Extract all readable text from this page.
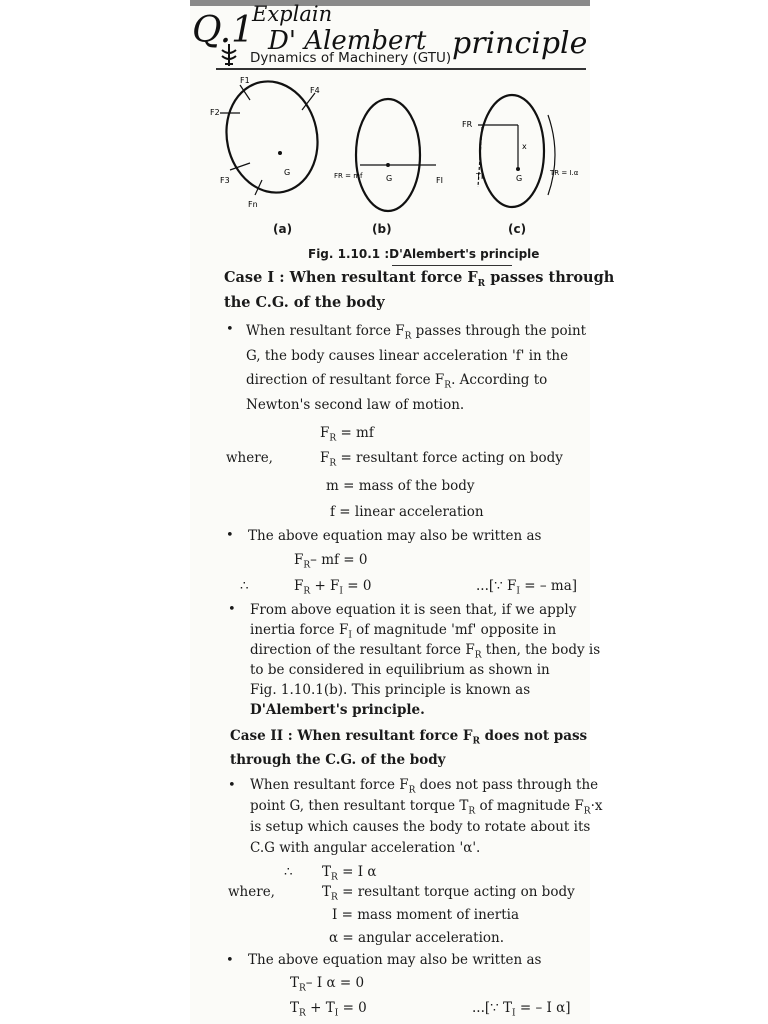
Q.1
Explain
D' Alembert principle
Dynamics of Machinery (GTU)
F1
F2
F3
Fn
F4
G	FR = mf	G	FI
FR
x
TI	G
TR = I.α
(a)	(b)	(c)
Fig. 1.10.1 :D'Alembert's principle
Case I : When resultant force $F_R$ passes through
the C.G. of the body
• When resultant force $F_R$ passes through the point
G, the body causes linear acceleration 'f' in the
direction of resultant force $F_R$. According to
Newton's second law of motion.
$F_R$ = mf
where,	$F_R$ = resultant force acting on body
m = mass of the body
f = linear acceleration
• The above equation may also be written as
$F_R-$ mf = 0
∴	$F_R + F_I = 0$	...[∵ $F_I$ = – ma]
• From above equation it is seen that, if we apply
inertia force $F_I$ of magnitude 'mf' opposite in
direction of the resultant force $F_R$ then, the body is
to be considered in equilibrium as shown in
Fig. 1.10.1(b). This principle is known as
D'Alembert's principle.
Case II : When resultant force $F_R$ does not pass
through the C.G. of the body
• When resultant force $F_R$ does not pass through the
point G, then resultant torque $T_R$ of magnitude $F_R\cdot x$
is setup which causes the body to rotate about its
C.G with angular acceleration 'α'.
∴ $T_R = I$ α
where,	$T_R$ = resultant torque acting on body
I = mass moment of inertia
α = angular acceleration.
• The above equation may also be written as
$T_R-$ I α = 0
$T_R + T_I = 0$	...[∵ $T_I$ = – I α]
